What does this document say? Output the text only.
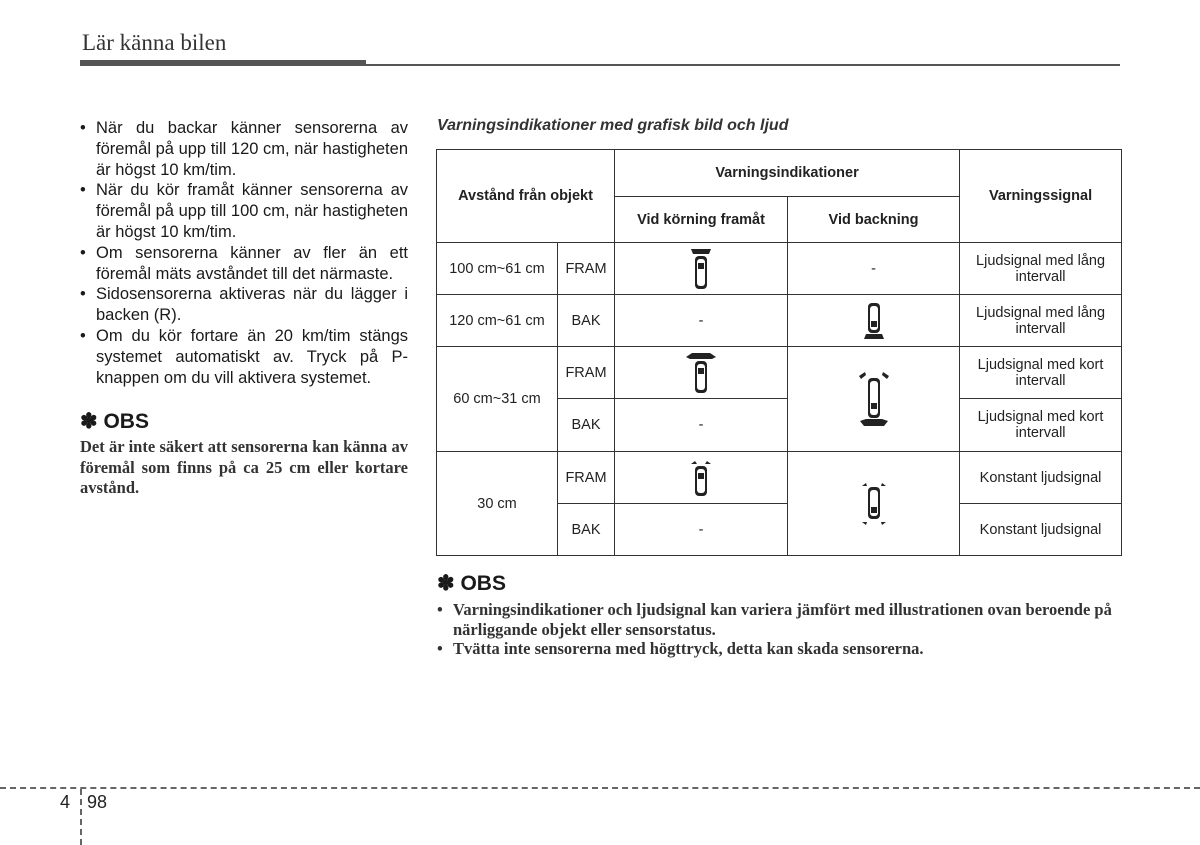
Lär känna bilen
• När du backar känner sensorerna av föremål på upp till 120 cm, när hastigheten är högst 10 km/tim.
• När du kör framåt känner sensorerna av föremål på upp till 100 cm, när hastigheten är högst 10 km/tim.
• Om sensorerna känner av fler än ett föremål mäts avståndet till det närmaste.
• Sidosensorerna aktiveras när du lägger i backen (R).
• Om du kör fortare än 20 km/tim stängs systemet automatiskt av. Tryck på P-knappen om du vill aktivera systemet.

✽ OBS

Det är inte säkert att sensorerna kan känna av föremål som finns på ca 25 cm eller kortare avstånd.
Varningsindikationer med grafisk bild och ljud
Avstånd från objekt		Varningsindikationer		Varningssignal
		Vid körning framåt	Vid backning	
100 cm~61 cm	FRAM		-	Ljudsignal med lång intervall
120 cm~61 cm	BAK	-		Ljudsignal med lång intervall
60 cm~31 cm	FRAM			Ljudsignal med kort intervall
	BAK	-		Ljudsignal med kort intervall
30 cm	FRAM			Konstant ljudsignal
	BAK	-		Konstant ljudsignal

✽ OBS

• Varningsindikationer och ljudsignal kan variera jämfört med illustrationen ovan beroende på närliggande objekt eller sensorstatus.
• Tvätta inte sensorerna med högttryck, detta kan skada sensorerna.
4 98
